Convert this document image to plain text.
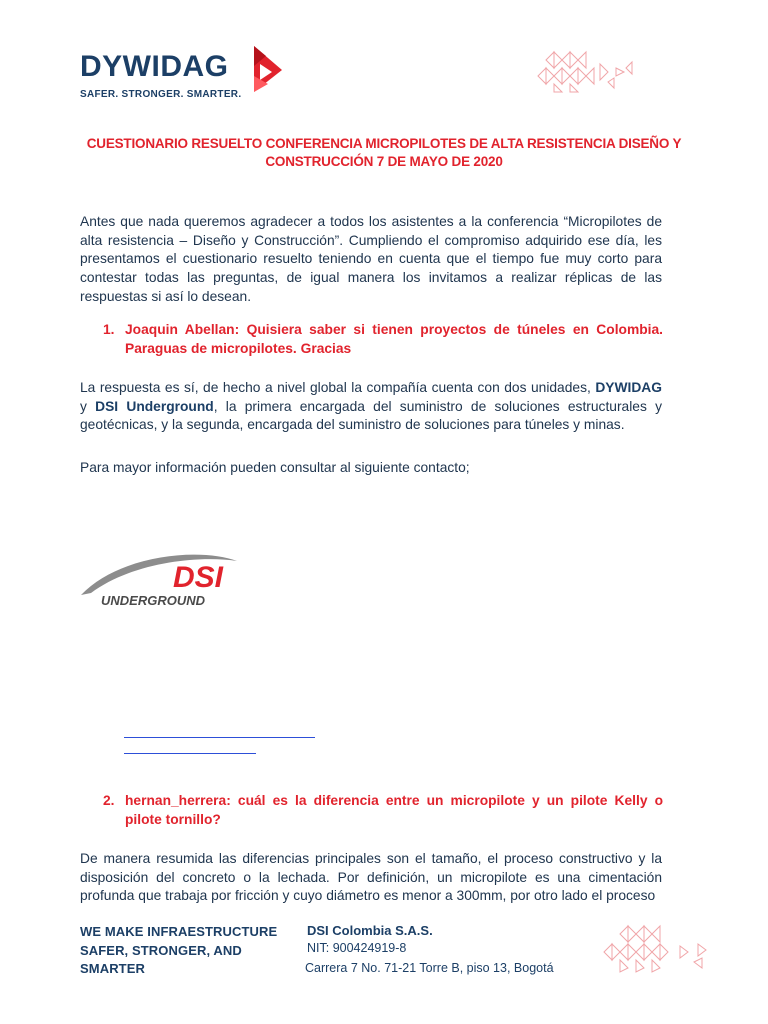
DYWIDAG
SAFER. STRONGER. SMARTER.
CUESTIONARIO RESUELTO CONFERENCIA MICROPILOTES DE ALTA RESISTENCIA DISEÑO Y CONSTRUCCIÓN 7 DE MAYO DE 2020
Antes que nada queremos agradecer a todos los asistentes a la conferencia “Micropilotes de alta resistencia – Diseño y Construcción”. Cumpliendo el compromiso adquirido ese día, les presentamos el cuestionario resuelto teniendo en cuenta que el tiempo fue muy corto para contestar todas las preguntas, de igual manera los invitamos a realizar réplicas de las respuestas si así lo desean.
1. Joaquin Abellan: Quisiera saber si tienen proyectos de túneles en Colombia. Paraguas de micropilotes. Gracias
La respuesta es sí, de hecho a nivel global la compañía cuenta con dos unidades, DYWIDAG y DSI Underground, la primera encargada del suministro de soluciones estructurales y geotécnicas, y la segunda, encargada del suministro de soluciones para túneles y minas.
Para mayor información pueden consultar al siguiente contacto;
DSI
UNDERGROUND
2. hernan_herrera: cuál es la diferencia entre un micropilote y un pilote Kelly o pilote tornillo?
De manera resumida las diferencias principales son el tamaño, el proceso constructivo y la disposición del concreto o la lechada. Por definición, un micropilote es una cimentación profunda que trabaja por fricción y cuyo diámetro es menor a 300mm, por otro lado el proceso
WE MAKE INFRAESTRUCTURE
SAFER, STRONGER, AND
SMARTER
DSI Colombia S.A.S.
NIT: 900424919-8
Carrera 7 No. 71-21 Torre B, piso 13, Bogotá
